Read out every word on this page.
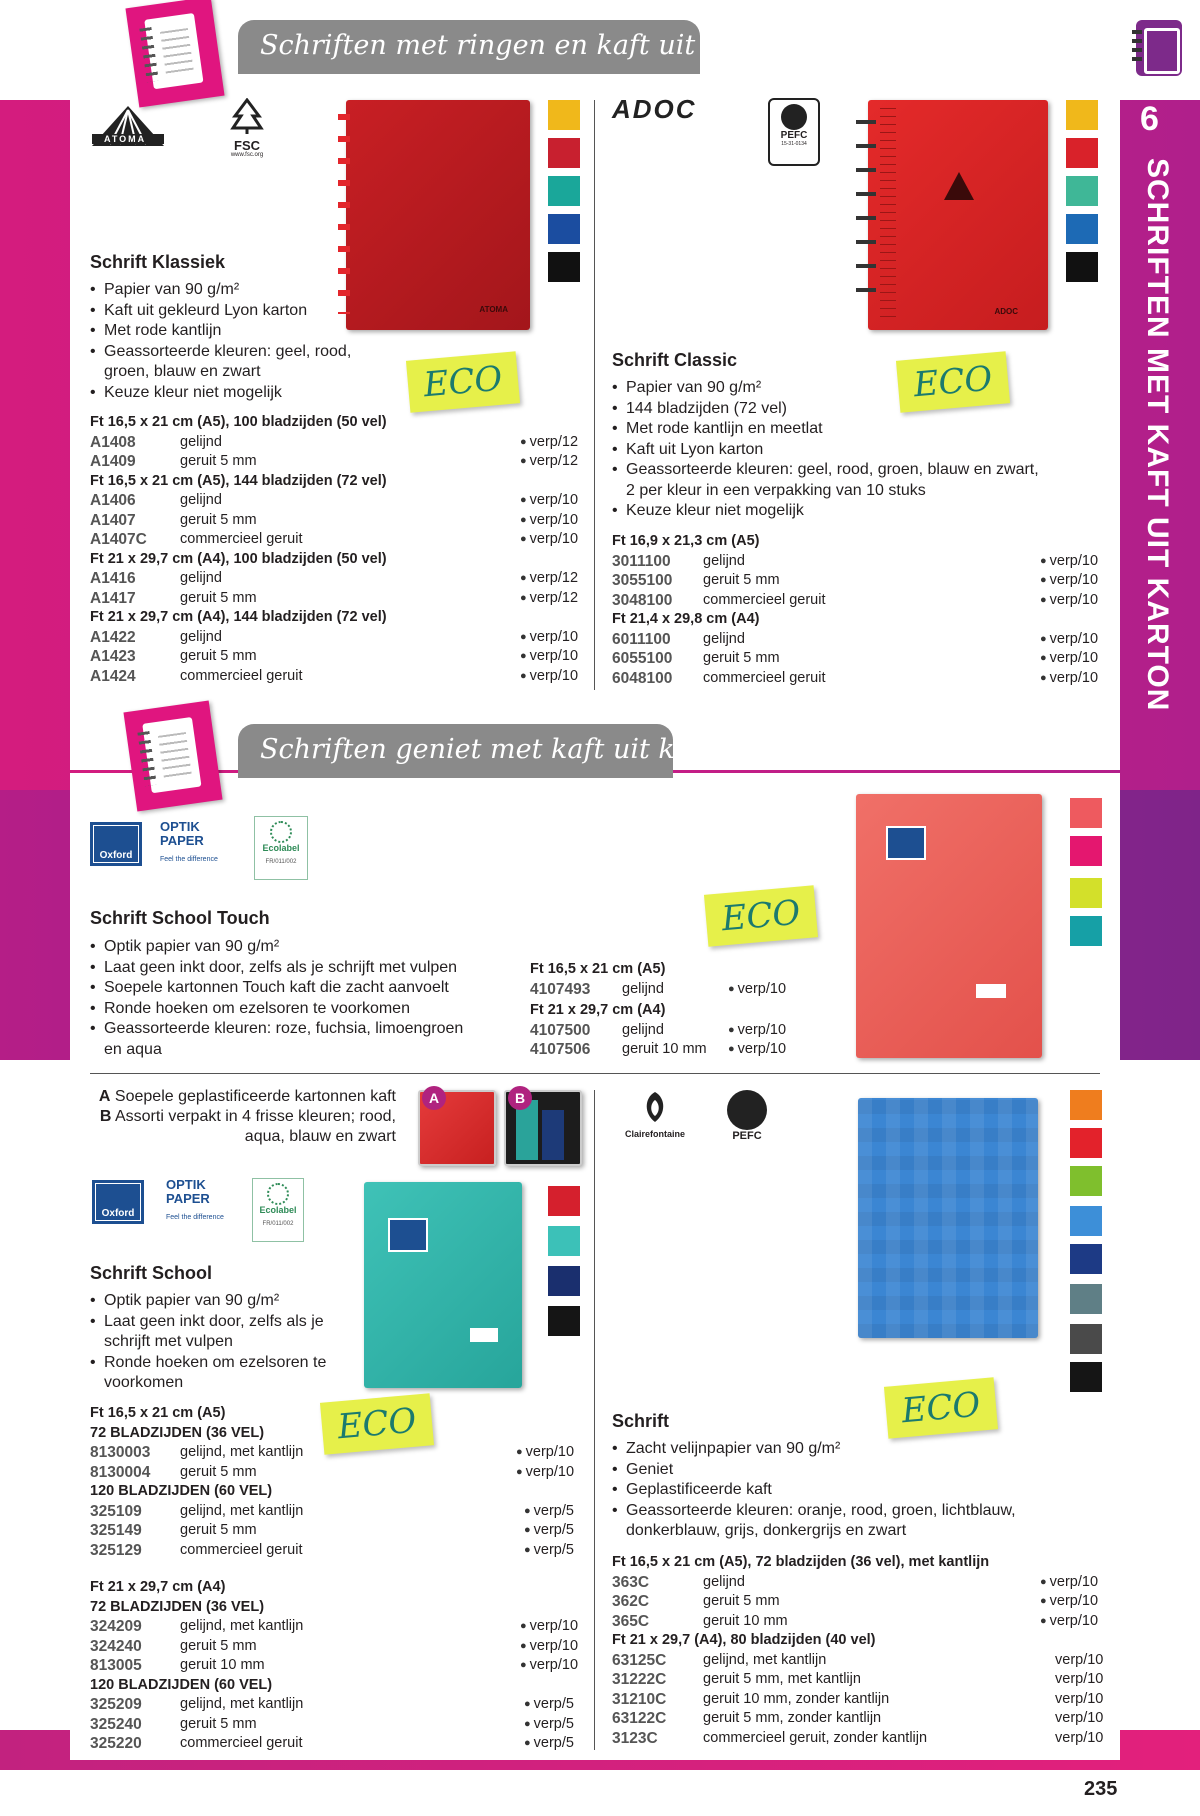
6
SCHRIFTEN MET KAFT UIT KARTON
235
Schriften met ringen en kaft uit karton
Schriften geniet met kaft uit karton
ATOMA	FSC
www.fsc.org
ATOMA
Schrift Klassiek
• Papier van 90 g/m²
• Kaft uit gekleurd Lyon karton
• Met rode kantlijn
• Geassorteerde kleuren: geel, rood, groen, blauw en zwart
• Keuze kleur niet mogelijk	ECO
Ft 16,5 x 21 cm (A5), 100 bladzijden (50 vel)
A1408	gelijnd	● verp/12
A1409	geruit 5 mm	● verp/12
Ft 16,5 x 21 cm (A5), 144 bladzijden (72 vel)
A1406	gelijnd	● verp/10
A1407	geruit 5 mm	● verp/10
A1407C commercieel geruit	● verp/10
Ft 21 x 29,7 cm (A4), 100 bladzijden (50 vel)
A1416	gelijnd	● verp/12
A1417	geruit 5 mm	● verp/12
Ft 21 x 29,7 cm (A4), 144 bladzijden (72 vel)
A1422	gelijnd	● verp/10
A1423	geruit 5 mm	● verp/10
A1424	commercieel geruit	● verp/10
ADOC
PEFC
15-31-0134
ADOC
ECO
Schrift Classic
• Papier van 90 g/m²
• 144 bladzijden (72 vel)
• Met rode kantlijn en meetlat
• Kaft uit Lyon karton
• Geassorteerde kleuren: geel, rood, groen, blauw en zwart, 2 per kleur in een verpakking van 10 stuks
• Keuze kleur niet mogelijk
Ft 16,9 x 21,3 cm (A5)
3011100 gelijnd	● verp/10
3055100 geruit 5 mm	● verp/10
3048100 commercieel geruit	● verp/10
Ft 21,4 x 29,8 cm (A4)
6011100 gelijnd	● verp/10
6055100 geruit 5 mm	● verp/10
6048100 commercieel geruit	● verp/10
Oxford
OPTIK PAPER
Feel the difference
Ecolabel
FR/011/002
Schrift School Touch
• Optik papier van 90 g/m²
• Laat geen inkt door, zelfs als je schrijft met vulpen
• Soepele kartonnen Touch kaft die zacht aanvoelt
• Ronde hoeken om ezelsoren te voorkomen
• Geassorteerde kleuren: roze, fuchsia, limoengroen en aqua
ECO
Ft 16,5 x 21 cm (A5)
4107493 gelijnd	● verp/10
Ft 21 x 29,7 cm (A4)
4107500 gelijnd	● verp/10
4107506 geruit 10 mm	● verp/10
A Soepele geplastificeerde kartonnen kaft
B Assorti verpakt in 4 frisse kleuren; rood, aqua, blauw en zwart
A	B
Oxford
OPTIK PAPER
Feel the difference
Ecolabel
FR/011/002
Schrift School
• Optik papier van 90 g/m²
• Laat geen inkt door, zelfs als je schrijft met vulpen
• Ronde hoeken om ezelsoren te voorkomen
ECO
Ft 16,5 x 21 cm (A5)
72 BLADZIJDEN (36 VEL)
8130003 gelijnd, met kantlijn	● verp/10
8130004 geruit 5 mm	● verp/10
120 BLADZIJDEN (60 VEL)
325109	gelijnd, met kantlijn	● verp/5
325149	geruit 5 mm	● verp/5
325129	commercieel geruit	● verp/5
Ft 21 x 29,7 cm (A4)
72 BLADZIJDEN (36 VEL)
324209	gelijnd, met kantlijn	● verp/10
324240	geruit 5 mm	● verp/10
813005	geruit 10 mm	● verp/10
120 BLADZIJDEN (60 VEL)
325209	gelijnd, met kantlijn	● verp/5
325240	geruit 5 mm	● verp/5
325220	commercieel geruit	● verp/5
Clairefontaine	PEFC
ECO
Schrift
• Zacht velijnpapier van 90 g/m²
• Geniet
• Geplastificeerde kaft
• Geassorteerde kleuren: oranje, rood, groen, lichtblauw, donkerblauw, grijs, donkergrijs en zwart
Ft 16,5 x 21 cm (A5), 72 bladzijden (36 vel), met kantlijn
363C	gelijnd	● verp/10
362C	geruit 5 mm	● verp/10
365C	geruit 10 mm	● verp/10
Ft 21 x 29,7 (A4), 80 bladzijden (40 vel)
63125C	gelijnd, met kantlijn	verp/10
31222C	geruit 5 mm, met kantlijn	verp/10
31210C	geruit 10 mm, zonder kantlijn	verp/10
63122C	geruit 5 mm, zonder kantlijn	verp/10
3123C	commercieel geruit, zonder kantlijn	verp/10
